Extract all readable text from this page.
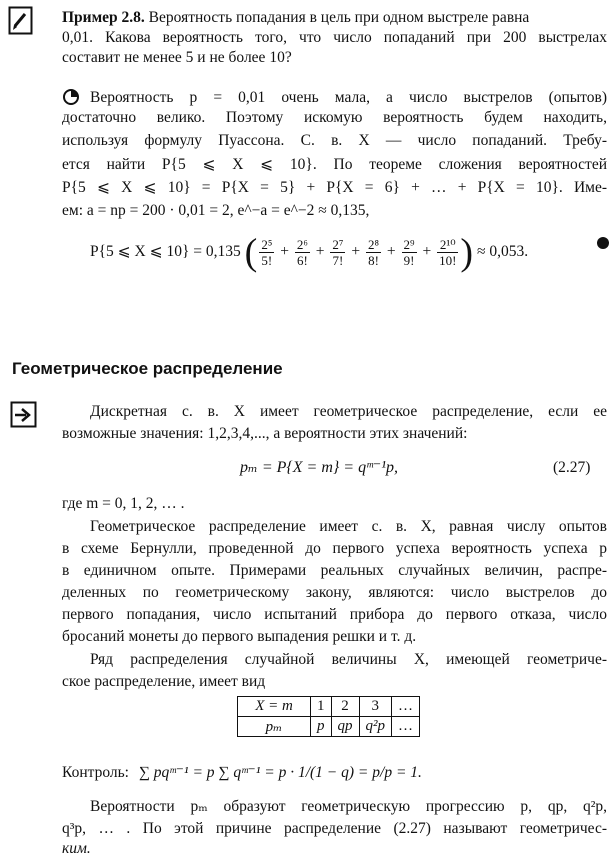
Пример 2.8. Вероятность попадания в цель при одном выстреле равна
0,01. Какова вероятность того, что число попаданий при 200 выстрелах
составит не менее 5 и не более 10?
Вероятность p = 0,01 очень мала, а число выстрелов (опытов)
достаточно велико. Поэтому искомую вероятность будем находить,
используя формулу Пуассона. С. в. X — число попаданий. Требу-
ется найти P{5 ⩽ X ⩽ 10}. По теореме сложения вероятностей
P{5 ⩽ X ⩽ 10} = P{X = 5} + P{X = 6} + … + P{X = 10}. Име-
ем: a = np = 200 · 0,01 = 2, e^−a = e^−2 ≈ 0,135,
P{5 ⩽ X ⩽ 10} = 0,135 ( $\frac{\text{2⁵}}{5!} + \frac{\text{2⁶}}{6!} + \frac{\text{2⁷}}{7!} + \frac{\text{2⁸}}{8!} + \frac{\text{2⁹}}{9!} + \frac{\text{2¹⁰}}{10!}$ ) ≈ 0,053.
Геометрическое распределение
Дискретная с. в. X имеет геометрическое распределение, если ее
возможные значения: 1,2,3,4,..., а вероятности этих значений:
pₘ = P{X = m} = qᵐ⁻¹p,	(2.27)
где m = 0, 1, 2, … .
Геометрическое распределение имеет с. в. X, равная числу опытов
в схеме Бернулли, проведенной до первого успеха вероятность успеха p
в единичном опыте. Примерами реальных случайных величин, распре-
деленных по геометрическому закону, являются: число выстрелов до
первого попадания, число испытаний прибора до первого отказа, число
бросаний монеты до первого выпадения решки и т. д.
Ряд распределения случайной величины X, имеющей геометриче-
ское распределение, имеет вид
X = m	1	2	3	…
pₘ	p	qp	q²p	…
Контроль: ∑ pqᵐ⁻¹ = p ∑ qᵐ⁻¹ = p · 1/(1 − q) = p/p = 1.
Вероятности pₘ образуют геометрическую прогрессию p, qp, q²p,
q³p, … . По этой причине распределение (2.27) называют геометричес-
ким.
